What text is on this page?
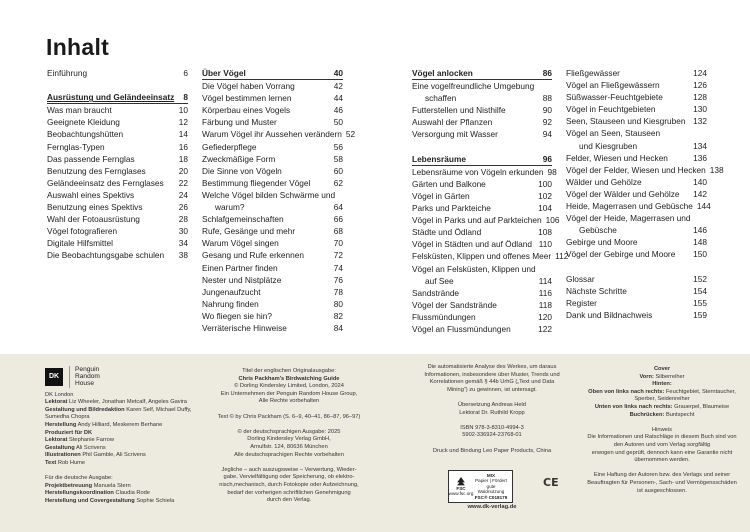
Inhalt
Einführung	6
Ausrüstung und Geländeeinsatz	8
Was man braucht	10
Geeignete Kleidung	12
Beobachtungshütten	14
Fernglas-Typen	16
Das passende Fernglas	18
Benutzung des Fernglases	20
Geländeeinsatz des Fernglases	22
Auswahl eines Spektivs	24
Benutzung eines Spektivs	26
Wahl der Fotoausrüstung	28
Vögel fotografieren	30
Digitale Hilfsmittel	34
Die Beobachtungsgabe schulen	38
Über Vögel	40
Die Vögel haben Vorrang	42
Vögel bestimmen lernen	44
Körperbau eines Vogels	46
Färbung und Muster	50
Warum Vögel ihr Aussehen verändern 52
Gefiederpflege	56
Zweckmäßige Form	58
Die Sinne von Vögeln	60
Bestimmung fliegender Vögel	62
Welche Vögel bilden Schwärme und
warum?	64
Schlafgemeinschaften	66
Rufe, Gesänge und mehr	68
Warum Vögel singen	70
Gesang und Rufe erkennen	72
Einen Partner finden	74
Nester und Nistplätze	76
Jungenaufzucht	78
Nahrung finden	80
Wo fliegen sie hin?	82
Verräterische Hinweise	84
Vögel anlocken	86
Eine vogelfreundliche Umgebung
schaffen	88
Futterstellen und Nisthilfe	90
Auswahl der Pflanzen	92
Versorgung mit Wasser	94
Lebensräume	96
Lebensräume von Vögeln erkunden 98
Gärten und Balkone	100
Vögel in Gärten	102
Parks und Parkteiche	104
Vögel in Parks und auf Parkteichen 106
Städte und Ödland	108
Vögel in Städten und auf Ödland 110
Felsküsten, Klippen und offenes Meer 112
Vögel an Felsküsten, Klippen und
auf See	114
Sandstrände	116
Vögel der Sandstrände	118
Flussmündungen	120
Vögel an Flussmündungen	122
Fließgewässer	124
Vögel an Fließgewässern	126
Süßwasser-Feuchtgebiete	128
Vögel in Feuchtgebieten	130
Seen, Stauseen und Kiesgruben 132
Vögel an Seen, Stauseen
und Kiesgruben	134
Felder, Wiesen und Hecken	136
Vögel der Felder, Wiesen und Hecken 138
Wälder und Gehölze	140
Vögel der Wälder und Gehölze	142
Heide, Magerrasen und Gebüsche 144
Vögel der Heide, Magerrasen und
Gebüsche	146
Gebirge und Moore	148
Vögel der Gebirge und Moore	150
Glossar	152
Nächste Schritte	154
Register	155
Dank und Bildnachweis	159
DK
Penguin
Random
House
DK London
Lektorat Liz Wheeler, Jonathan Metcalf, Angeles Gavira
Gestaltung und Bildredaktion Karen Self, Michael Duffy,
Sumedha Chopra
Herstellung Andy Hilliard, Meskerem Berhane
Produziert für DK
Lektorat Stephanie Farrow
Gestaltung Ali Scrivens
Illustrationen Phil Gamble, Ali Scrivens
Text Rob Hume
Für die deutsche Ausgabe:
Projektbetreuung Manuela Stern
Herstellungskoordination Claudia Rode
Herstellung und Covergestaltung Sophie Schiela
Titel der englischen Originalausgabe:
Chris Packham’s Birdwatching Guide
© Dorling Kindersley Limited, London, 2024
Ein Unternehmen der Penguin Random House Group,
Alle Rechte vorbehalten
Text © by Chris Packham (S. 6–9, 40–41, 86–87, 96–97)
© der deutschsprachigen Ausgabe: 2025
Dorling Kindersley Verlag GmbH,
Arnulfstr. 124, 80636 München
Alle deutschsprachigen Rechte vorbehalten
Jegliche – auch auszugsweise – Verwertung, Wieder-
gabe, Vervielfältigung oder Speicherung, ob elektro-
nisch,mechanisch, durch Fotokopie oder Aufzeichnung,
bedarf der vorherigen schriftlichen Genehmigung
durch den Verlag.
Die automatisierte Analyse des Werkes, um daraus
Informationen, insbesondere über Muster, Trends und
Korrelationen gemäß § 44b UrhG („Text und Data
Mining“) zu gewinnen, ist untersagt.
Übersetzung Andreas Held
Lektorat Dr. Ruthild Kropp
ISBN 978-3-8310-4994-3
5902-336924-23768-01
Druck und Bindung Leo Paper Products, China
FSC
www.fsc.org
MIX
Papier | Fördert
gute Waldnutzung
FSC® C018179
CE
www.dk-verlag.de
Cover
Vorn: Silberreiher
Hinten:
Oben von links nach rechts: Feuchtgebiet, Sterntaucher,
Sperber, Seidenreiher
Unten von links nach rechts: Grauerpel, Blaumeise
Buchrücken: Buntspecht
Hinweis
Die Informationen und Ratschläge in diesem Buch sind von
den Autoren und vom Verlag sorgfältig
erwogen und geprüft, dennoch kann eine Garantie nicht
übernommen werden.
Eine Haftung der Autoren bzw. des Verlags und seiner
Beauftragten für Personen-, Sach- und Vermögensschäden
ist ausgeschlossen.
